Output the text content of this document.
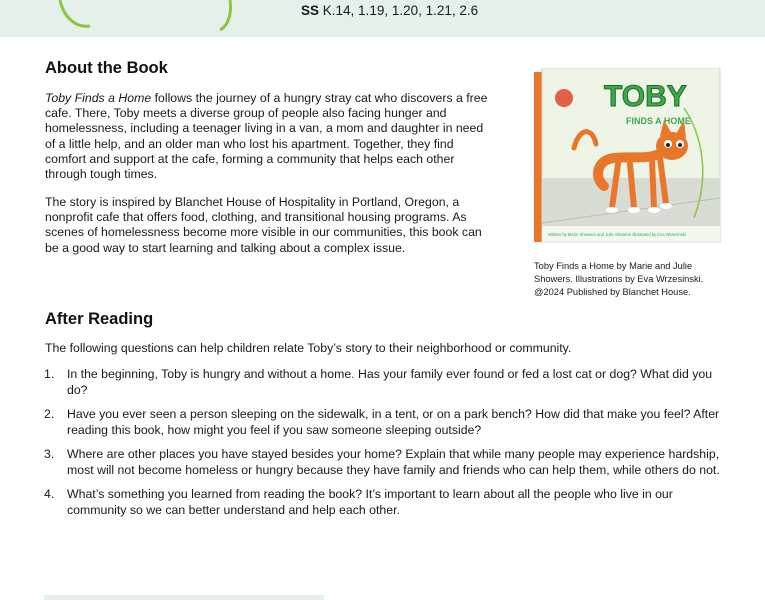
SS K.14, 1.19, 1.20, 1.21, 2.6
About the Book

Toby Finds a Home follows the journey of a hungry stray cat who discovers a free cafe. There, Toby meets a diverse group of people also facing hunger and homelessness, including a teenager living in a van, a mom and daughter in need of a little help, and an older man who lost his apartment. Together, they find comfort and support at the cafe, forming a community that helps each other through tough times.

The story is inspired by Blanchet House of Hospitality in Portland, Oregon, a nonprofit cafe that offers food, clothing, and transitional housing programs. As scenes of homelessness become more visible in our communities, this book can be a good way to start learning and talking about a complex issue.

TOBY
FINDS A HOME
Written by Marie Showers and Julie Showers Illustrated by Eva Wrzesinski
Toby Finds a Home by Marie and Julie
Showers. Illustrations by Eva Wrzesinski.
@2024 Published by Blanchet House.
After Reading

The following questions can help children relate Toby’s story to their neighborhood or community.

1. In the beginning, Toby is hungry and without a home. Has your family ever found or fed a lost cat or dog? What did you do?
2. Have you ever seen a person sleeping on the sidewalk, in a tent, or on a park bench? How did that make you feel? After reading this book, how might you feel if you saw someone sleeping outside?
3. Where are other places you have stayed besides your home? Explain that while many people may experience hardship, most will not become homeless or hungry because they have family and friends who can help them, while others do not.
4. What’s something you learned from reading the book? It’s important to learn about all the people who live in our community so we can better understand and help each other.
